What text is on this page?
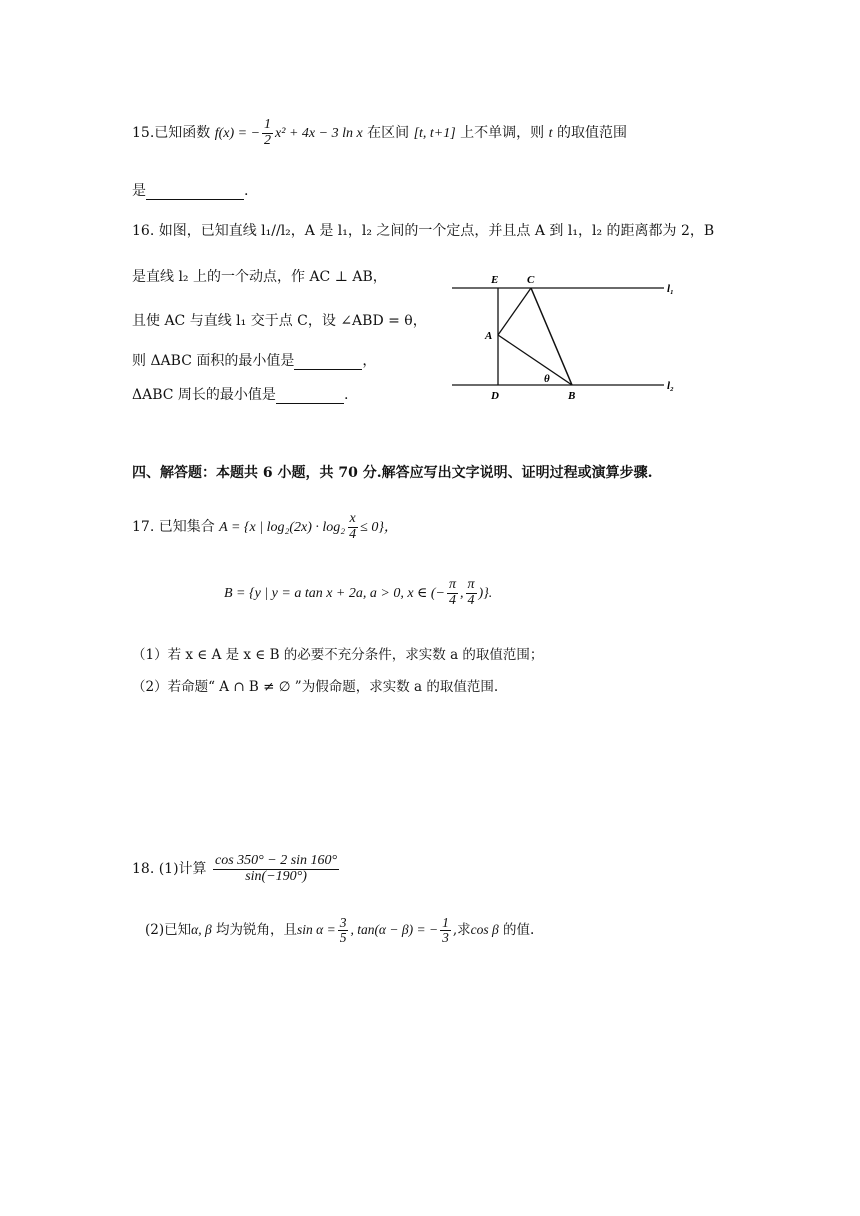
15.已知函数 f(x) = − $\frac{1}{2} x^2 + 4x - 3$ ln x 在区间 [t, t+1] 上不单调，则 t 的取值范围
是	.
16. 如图，已知直线 l₁//l₂，A 是 l₁，l₂ 之间的一个定点，并且点 A 到 l₁，l₂ 的距离都为 2，B
是直线 l₂ 上的一个动点，作 AC ⊥ AB，
且使 AC 与直线 l₁ 交于点 C，设 ∠ABD = θ，
则 ΔABC 面积的最小值是	，
ΔABC 周长的最小值是	.
E	C
A
D	B
θ
l₁
l₂
四、解答题：本题共 6 小题，共 70 分.解答应写出文字说明、证明过程或演算步骤.
17. 已知集合 A = {x | $\log_2(2x) \cdot \log_2 \frac{x}{4} \le 0$}，
B = {y | y = a tan x + 2a, a > 0, x ∈ (− $\frac{\pi}{4}$ , $\frac{\pi}{4}$ )}.
（1）若 x ∈ A 是 x ∈ B 的必要不充分条件，求实数 a 的取值范围；
（2）若命题“ A ∩ B ≠ ∅ ”为假命题，求实数 a 的取值范围.
18. (1)计算 $\frac{\cos 350^\circ - 2 \sin 160^\circ}{\sin(-190^\circ)}$
(2)已知α, β 均为锐角，且$\sin \alpha = \frac{3}{5}$ , tan(α − β) = − $\frac{1}{3}$ ,求cos β 的值.
